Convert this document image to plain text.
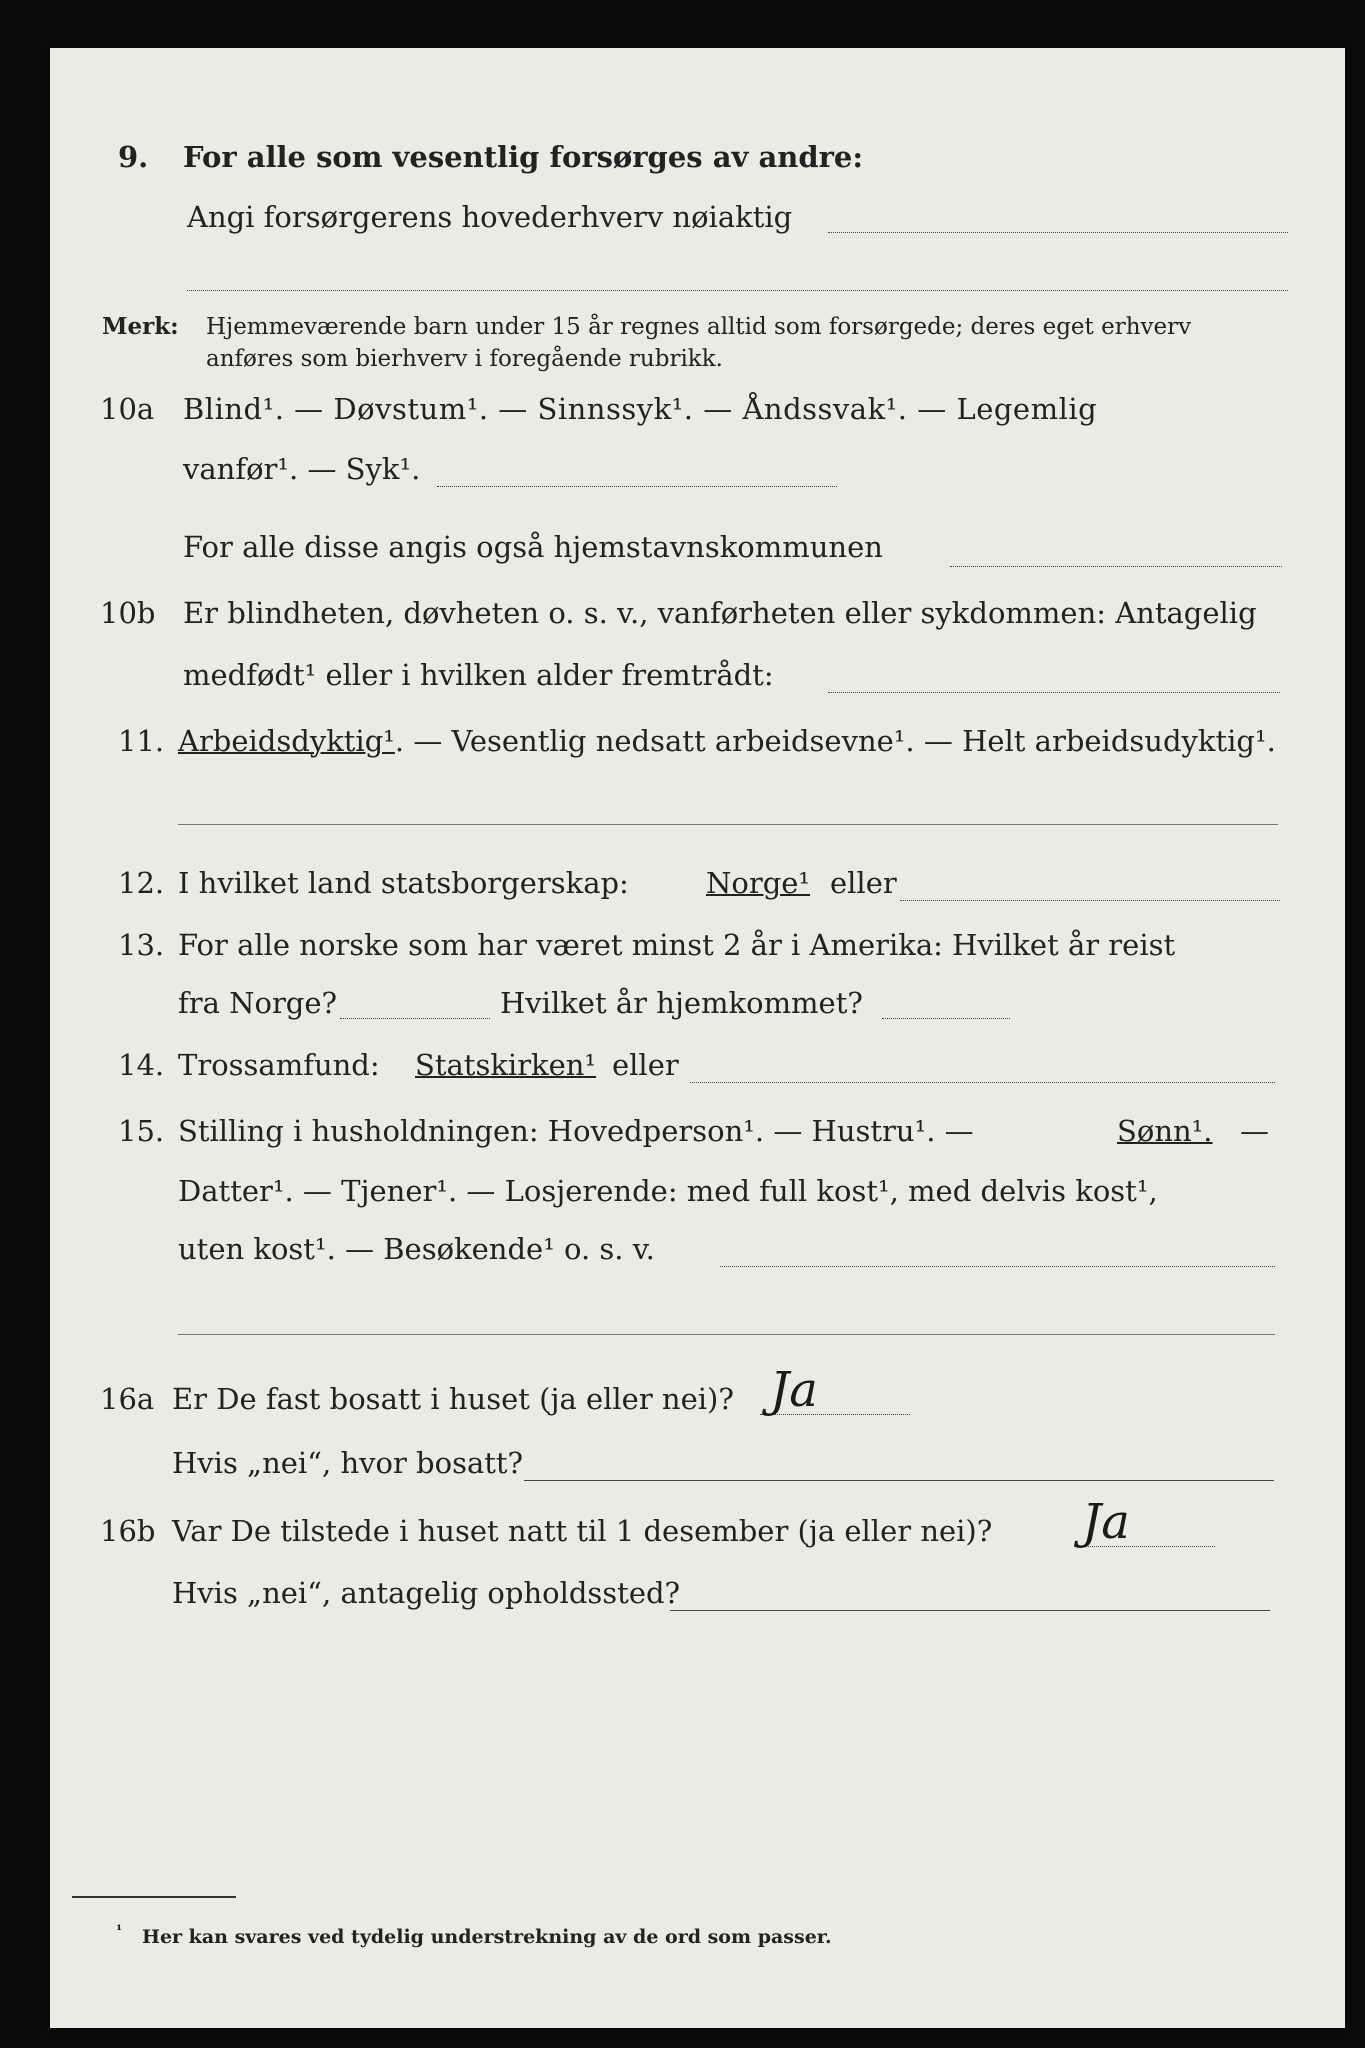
9. For alle som vesentlig forsørges av andre:
Angi forsørgerens hovederhverv nøiaktig
Merk: Hjemmeværende barn under 15 år regnes alltid som forsørgede; deres eget erhverv
anføres som bierhverv i foregående rubrikk.
10a Blind¹. — Døvstum¹. — Sinnssyk¹. — Åndssvak¹. — Legemlig
vanfør¹. — Syk¹.
For alle disse angis også hjemstavnskommunen
10b Er blindheten, døvheten o. s. v., vanførheten eller sykdommen: Antagelig
medfødt¹ eller i hvilken alder fremtrådt:
11. Arbeidsdyktig¹. — Vesentlig nedsatt arbeidsevne¹. — Helt arbeidsudyktig¹.
12. I hvilket land statsborgerskap:	Norge¹ eller
13. For alle norske som har været minst 2 år i Amerika: Hvilket år reist
fra Norge?	Hvilket år hjemkommet?
14. Trossamfund: Statskirken¹ eller
15. Stilling i husholdningen: Hovedperson¹. — Hustru¹. —	Sønn¹. —
Datter¹. — Tjener¹. — Losjerende: med full kost¹, med delvis kost¹,
uten kost¹. — Besøkende¹ o. s. v.
16a Er De fast bosatt i huset (ja eller nei)? Ja
Hvis „nei“, hvor bosatt?
16b Var De tilstede i huset natt til 1 desember (ja eller nei)? Ja
Hvis „nei“, antagelig opholdssted?
¹ Her kan svares ved tydelig understrekning av de ord som passer.
